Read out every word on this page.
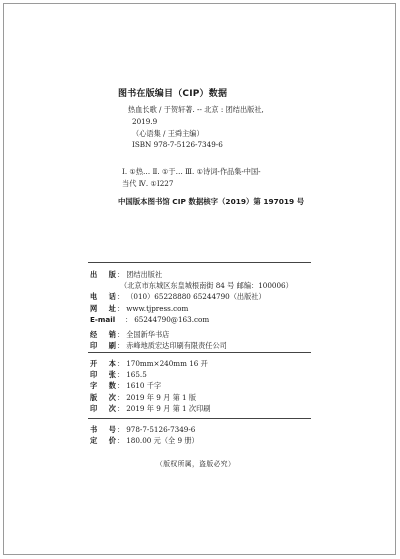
图书在版编目（CIP）数据
热血长歌 / 于贺轩著. -- 北京 : 团结出版社,
2019.9
（心语集 / 王舜主编）
ISBN 978-7-5126-7349-6
Ⅰ. ①热… Ⅱ. ①于… Ⅲ. ①诗词-作品集-中国-
当代 Ⅳ. ①I227
中国版本图书馆 CIP 数据核字（2019）第 197019 号
出 版 ： 团结出版社
（北京市东城区东皇城根南街 84 号 邮编：100006）
电 话 ： （010）65228880 65244790（出版社）
网 址 ： www.tjpress.com
E-mail	： 65244790@163.com
经 销 ： 全国新华书店
印 刷 ： 赤峰地质宏达印刷有限责任公司
开 本 ： 170mm×240mm 16 开
印 张 ： 165.5
字 数 ： 1610 千字
版 次 ： 2019 年 9 月 第 1 版
印 次 ： 2019 年 9 月 第 1 次印刷
书 号 ： 978-7-5126-7349-6
定 价 ： 180.00 元（全 9 册）
（版权所属，盗版必究）
